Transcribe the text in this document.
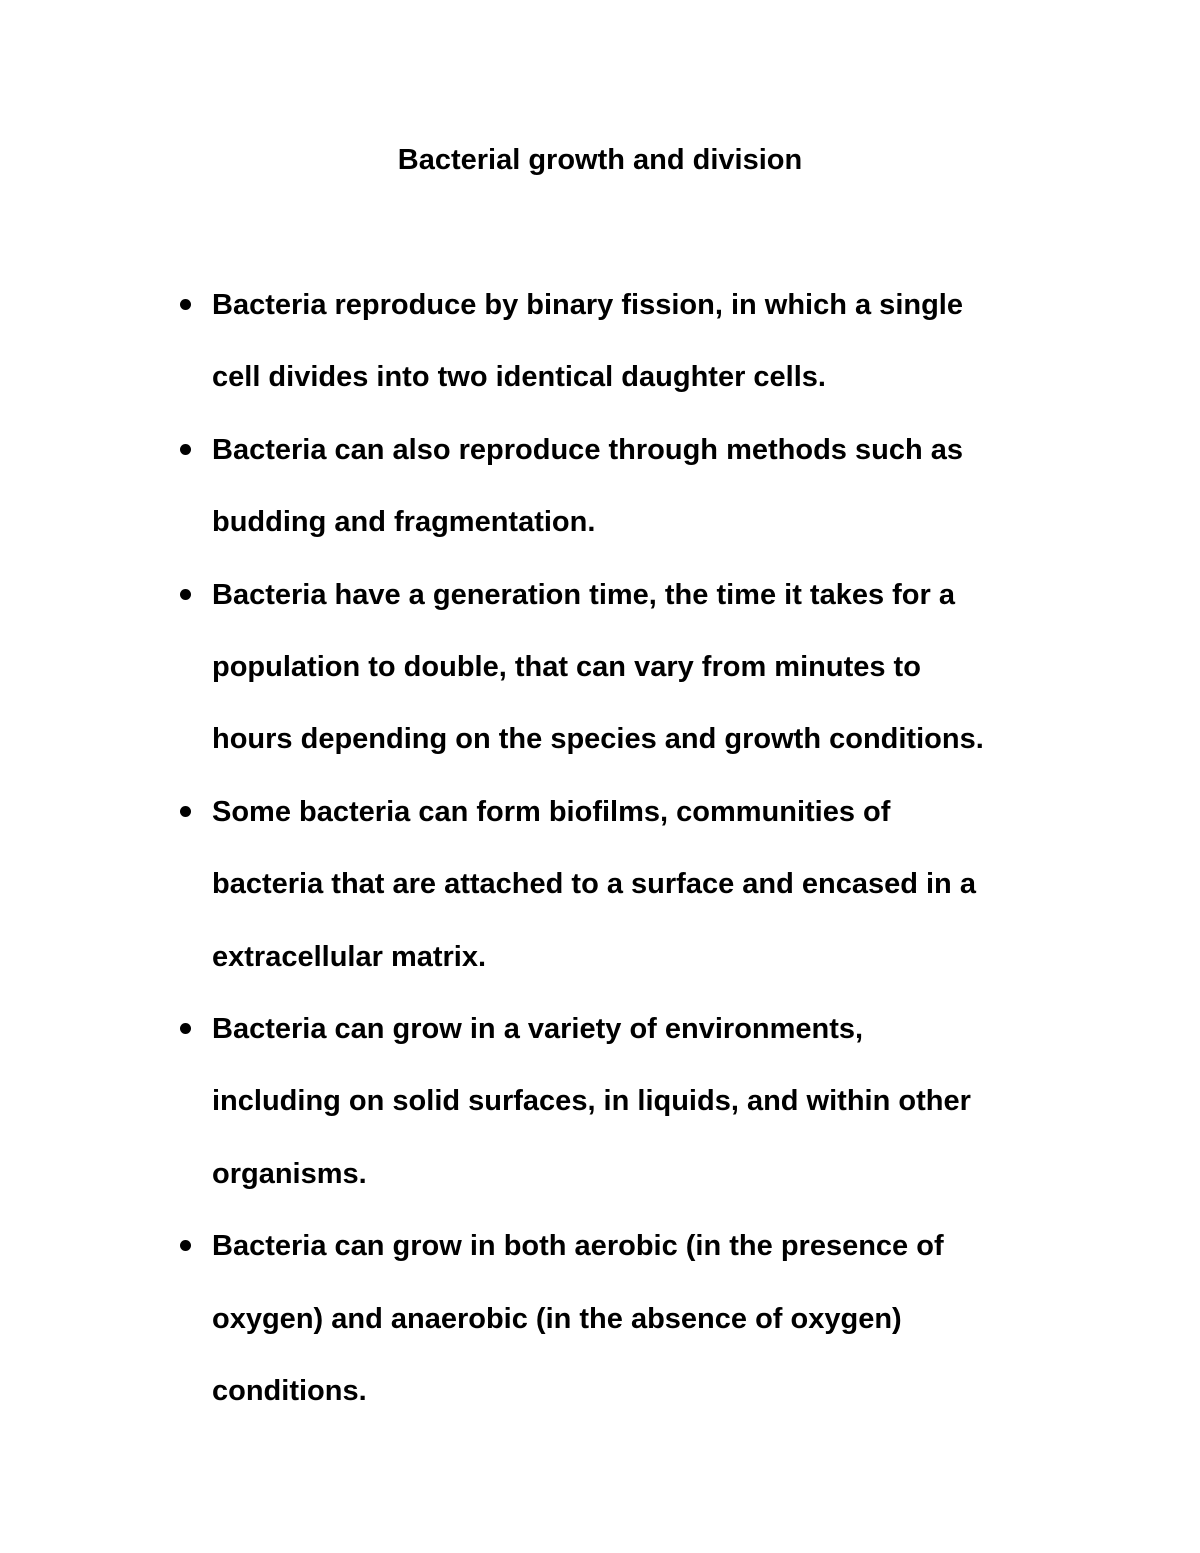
Bacterial growth and division
Bacteria reproduce by binary fission, in which a single
cell divides into two identical daughter cells.
Bacteria can also reproduce through methods such as
budding and fragmentation.
Bacteria have a generation time, the time it takes for a
population to double, that can vary from minutes to
hours depending on the species and growth conditions.
Some bacteria can form biofilms, communities of
bacteria that are attached to a surface and encased in a
extracellular matrix.
Bacteria can grow in a variety of environments,
including on solid surfaces, in liquids, and within other
organisms.
Bacteria can grow in both aerobic (in the presence of
oxygen) and anaerobic (in the absence of oxygen)
conditions.
